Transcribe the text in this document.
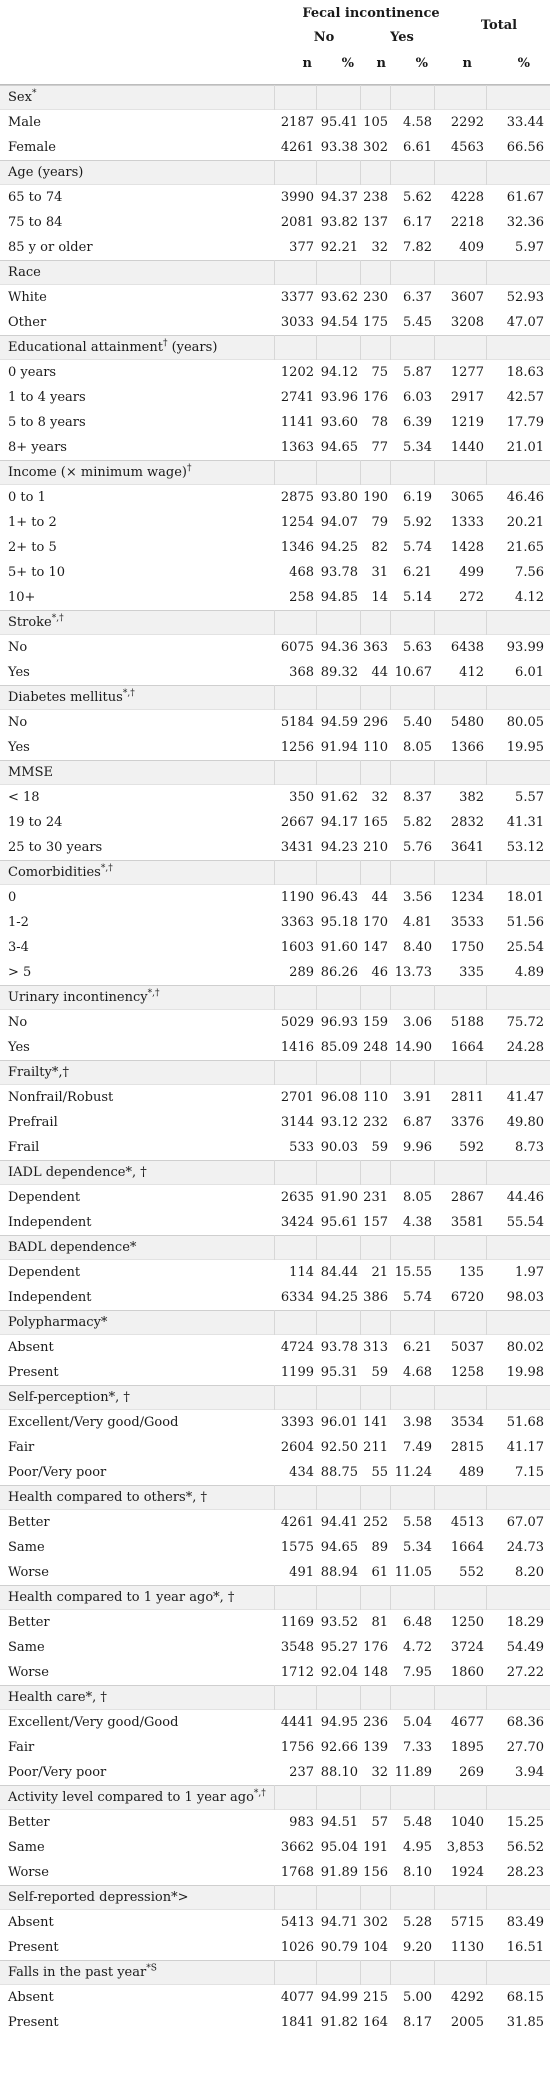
Fecal incontinence
Total
No	Yes
n %	n %	n	%
Sex*
Male	2187 95.41 105	4.58	2292	33.44
Female	4261 93.38 302	6.61	4563	66.56
Age (years)
65 to 74	3990 94.37 238	5.62	4228	61.67
75 to 84	2081 93.82 137	6.17	2218	32.36
85 y or older	377 92.21	32	7.82	409	5.97
Race
White	3377 93.62 230	6.37	3607	52.93
Other	3033 94.54 175	5.45	3208	47.07
Educational attainment† (years)
0 years	1202 94.12	75	5.87	1277	18.63
1 to 4 years	2741 93.96 176	6.03	2917	42.57
5 to 8 years	1141 93.60	78	6.39	1219	17.79
8+ years	1363 94.65	77	5.34	1440	21.01
Income (× minimum wage)†
0 to 1	2875 93.80 190	6.19	3065	46.46
1+ to 2	1254 94.07	79	5.92	1333	20.21
2+ to 5	1346 94.25	82	5.74	1428	21.65
5+ to 10	468 93.78	31	6.21	499	7.56
10+	258 94.85	14	5.14	272	4.12
Stroke*,†
No	6075 94.36 363	5.63	6438	93.99
Yes	368 89.32	44 10.67	412	6.01
Diabetes mellitus*,†
No	5184 94.59 296	5.40	5480	80.05
Yes	1256 91.94 110	8.05	1366	19.95
MMSE
< 18	350 91.62	32	8.37	382	5.57
19 to 24	2667 94.17 165	5.82	2832	41.31
25 to 30 years	3431 94.23 210	5.76	3641	53.12
Comorbidities*,†
0	1190 96.43	44	3.56	1234	18.01
1-2	3363 95.18 170	4.81	3533	51.56
3-4	1603 91.60 147	8.40	1750	25.54
> 5	289 86.26	46 13.73	335	4.89
Urinary incontinency*,†
No	5029 96.93 159	3.06	5188	75.72
Yes	1416 85.09 248 14.90	1664	24.28
Frailty*,†
Nonfrail/Robust	2701 96.08 110	3.91	2811	41.47
Prefrail	3144 93.12 232	6.87	3376	49.80
Frail	533 90.03	59	9.96	592	8.73
IADL dependence*, †
Dependent	2635 91.90 231	8.05	2867	44.46
Independent	3424 95.61 157	4.38	3581	55.54
BADL dependence*
Dependent	114 84.44	21 15.55	135	1.97
Independent	6334 94.25 386	5.74	6720	98.03
Polypharmacy*
Absent	4724 93.78 313	6.21	5037	80.02
Present	1199 95.31	59	4.68	1258	19.98
Self-perception*, †
Excellent/Very good/Good	3393 96.01 141	3.98	3534	51.68
Fair	2604 92.50 211	7.49	2815	41.17
Poor/Very poor	434 88.75	55 11.24	489	7.15
Health compared to others*, †
Better	4261 94.41 252	5.58	4513	67.07
Same	1575 94.65	89	5.34	1664	24.73
Worse	491 88.94	61 11.05	552	8.20
Health compared to 1 year ago*, †
Better	1169 93.52	81	6.48	1250	18.29
Same	3548 95.27 176	4.72	3724	54.49
Worse	1712 92.04 148	7.95	1860	27.22
Health care*, †
Excellent/Very good/Good	4441 94.95 236	5.04	4677	68.36
Fair	1756 92.66 139	7.33	1895	27.70
Poor/Very poor	237 88.10	32 11.89	269	3.94
Activity level compared to 1 year ago*,†
Better	983 94.51	57	5.48	1040	15.25
Same	3662 95.04 191	4.95	3,853	56.52
Worse	1768 91.89 156	8.10	1924	28.23
Self-reported depression*>
Absent	5413 94.71 302	5.28	5715	83.49
Present	1026 90.79 104	9.20	1130	16.51
Falls in the past year$^{*S}$
Absent	4077 94.99 215	5.00	4292	68.15
Present	1841 91.82 164	8.17	2005	31.85
